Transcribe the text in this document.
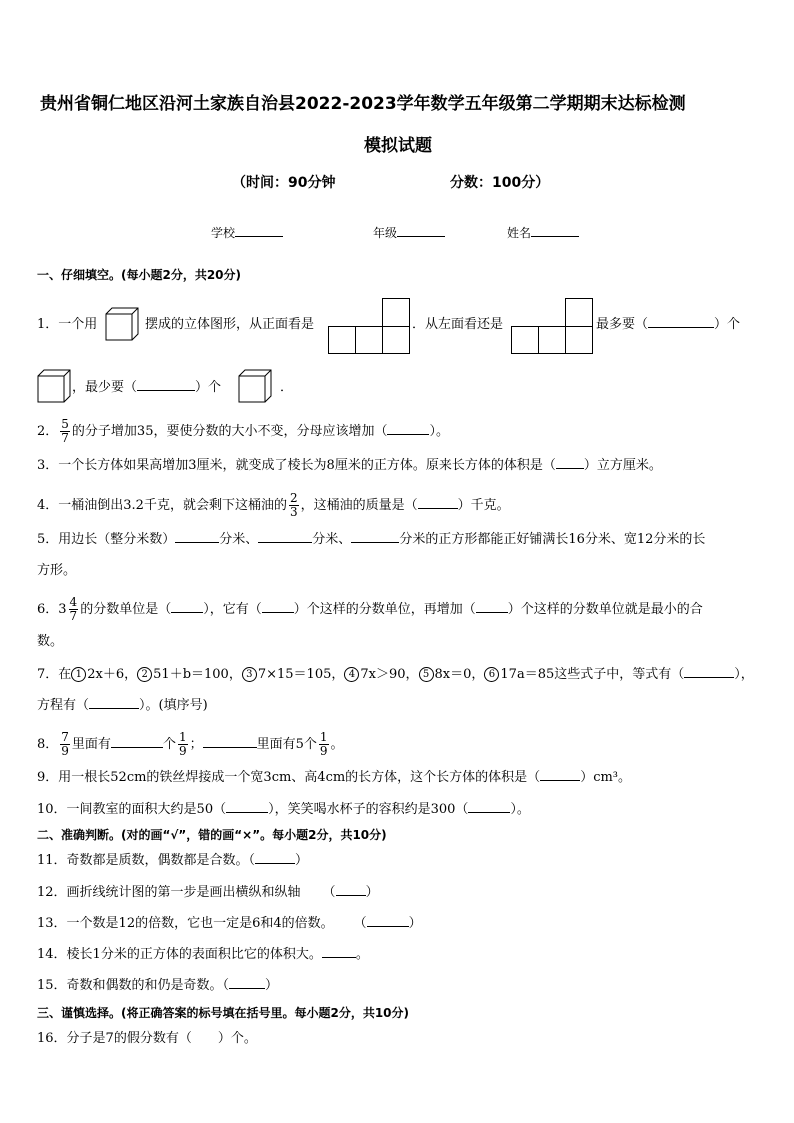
贵州省铜仁地区沿河土家族自治县2022-2023学年数学五年级第二学期期末达标检测
模拟试题
（时间：90分钟	分数：100分）
学校	年级	姓名
一、仔细填空。(每小题2分，共20分)
1．一个用	摆成的立体图形，从正面看是	．从左面看还是	最多要（	）个
，最少要（	）个	．
2． $\frac{5}{7}$ 的分子增加35，要使分数的大小不变，分母应该增加（	）。
3．一个长方体如果高增加3厘米，就变成了棱长为8厘米的正方体。原来长方体的体积是（ ）立方厘米。
4．一桶油倒出3.2千克，就会剩下这桶油的 $\frac{2}{3}$ ，这桶油的质量是（	）千克。
5．用边长（整分米数）	分米、	分米、	分米的正方形都能正好铺满长16分米、宽12分米的长
方形。
6．$3 \frac{4}{7}$ 的分数单位是（ ），它有（ ）个这样的分数单位，再增加（ ）个这样的分数单位就是最小的合
数。
7．在 1 2x＋6， 2 51＋b＝100， 3 7×15＝105， 4 7x＞90， 5 8x＝0， 6 17a＝85这些式子中，等式有（	），
方程有（	）。(填序号)
8． $\frac{7}{9}$ 里面有	个 $\frac{1}{9}$ ；	里面有5个 $\frac{1}{9}$ 。
9．用一根长52cm的铁丝焊接成一个宽3cm、高4cm的长方体，这个长方体的体积是（	）cm³。
10．一间教室的面积大约是50（	），笑笑喝水杯子的容积约是300（	）。
二、准确判断。(对的画“√”，错的画“×”。每小题2分，共10分)
11．奇数都是质数，偶数都是合数。（	）
12．画折线统计图的第一步是画出横纵和纵轴 （ ）
13．一个数是12的倍数，它也一定是6和4的倍数。 （	）
14．棱长1分米的正方体的表面积比它的体积大。	。
15．奇数和偶数的和仍是奇数。（	）
三、谨慎选择。(将正确答案的标号填在括号里。每小题2分，共10分)
16．分子是7的假分数有（　　）个。
